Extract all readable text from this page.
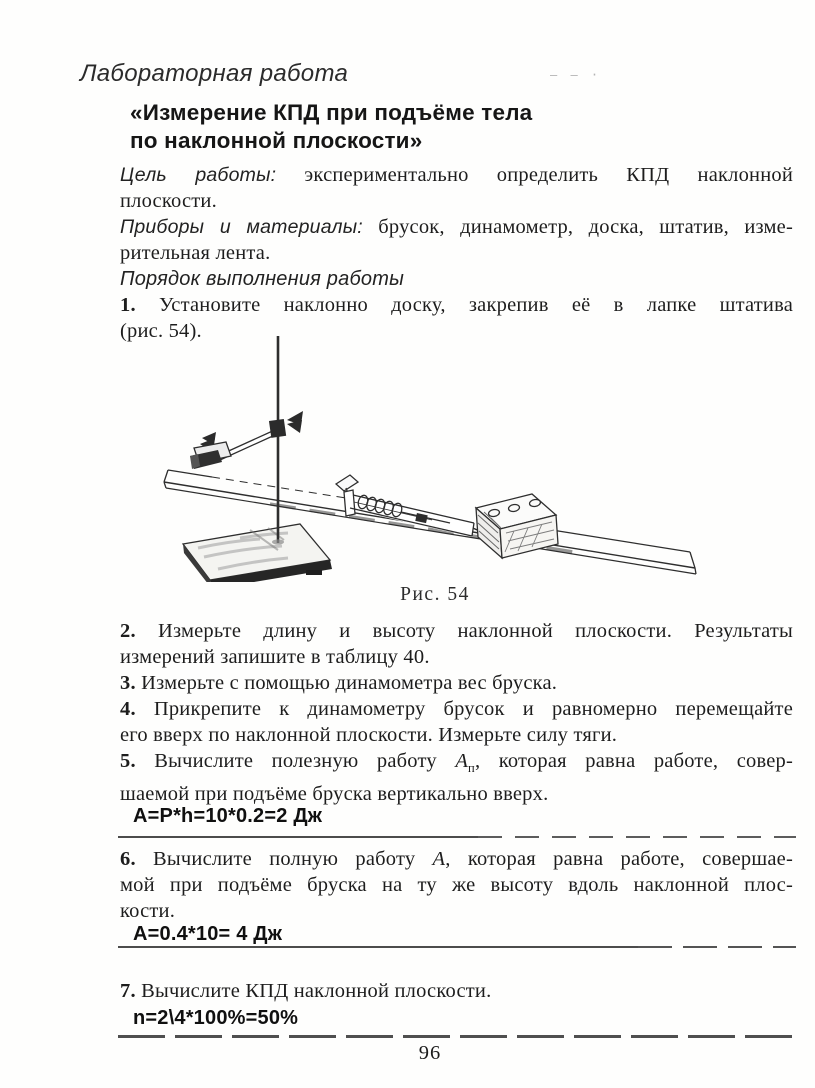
Лабораторная работа	– – ·
«Измерение КПД при подъёме тела
по наклонной плоскости»
Цель работы: экспериментально определить КПД наклонной
плоскости.
Приборы и материалы: брусок, динамометр, доска, штатив, изме-
рительная лента.
Порядок выполнения работы
1. Установите наклонно доску, закрепив её в лапке штатива
(рис. 54).
Рис. 54
2. Измерьте длину и высоту наклонной плоскости. Результаты
измерений запишите в таблицу 40.
3. Измерьте с помощью динамометра вес бруска.
4. Прикрепите к динамометру брусок и равномерно перемещайте
его вверх по наклонной плоскости. Измерьте силу тяги.
5. Вычислите полезную работу $A_п$, которая равна работе, совер-
шаемой при подъёме бруска вертикально вверх.
A=P*h=10*0.2=2 Дж
6. Вычислите полную работу A, которая равна работе, совершае-
мой при подъёме бруска на ту же высоту вдоль наклонной плос-
кости.
A=0.4*10= 4 Дж
7. Вычислите КПД наклонной плоскости.
n=2\4*100%=50%
96
